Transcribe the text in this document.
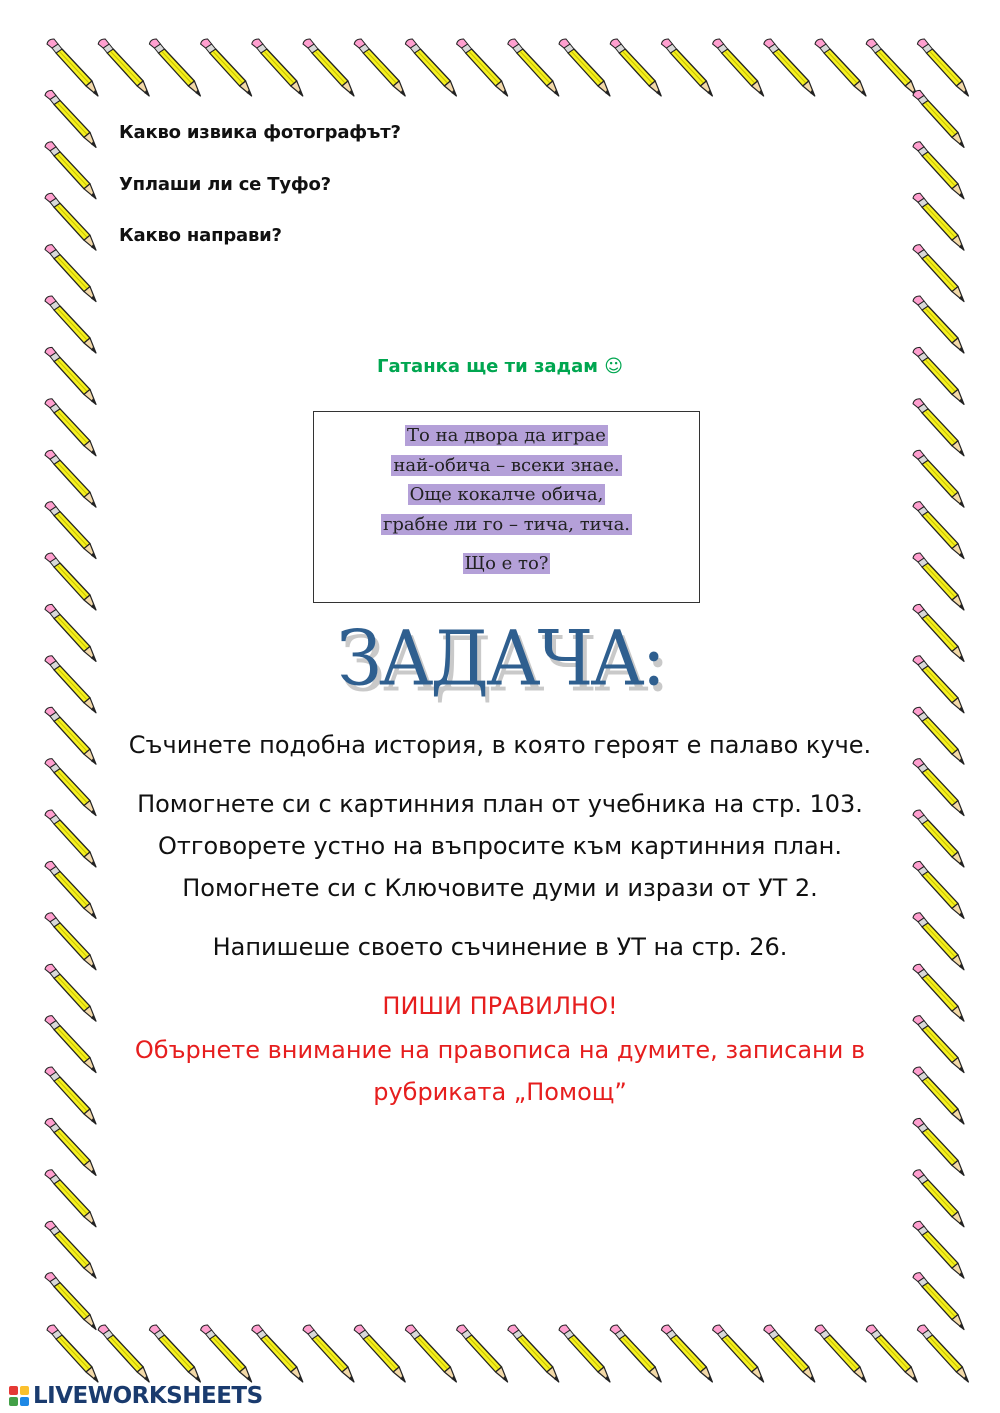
Какво извика фотографът?
Уплаши ли се Туфо?
Какво направи?
Гатанка ще ти задам ☺
То на двора да играе
най-обича – всеки знае.
Още кокалче обича,
грабне ли го – тича, тича.
Що е то?
ЗАДАЧА:
Съчинете подобна история, в която героят е палаво куче.
Помогнете си с картинния план от учебника на стр. 103.
Отговорете устно на въпросите към картинния план.
Помогнете си с Ключовите думи и изрази от УТ 2.
Напишеше своето съчинение в УТ на стр. 26.
ПИШИ ПРАВИЛНО!
Обърнете внимание на правописа на думите, записани в
рубриката „Помощ”
LIVEWORKSHEETS
